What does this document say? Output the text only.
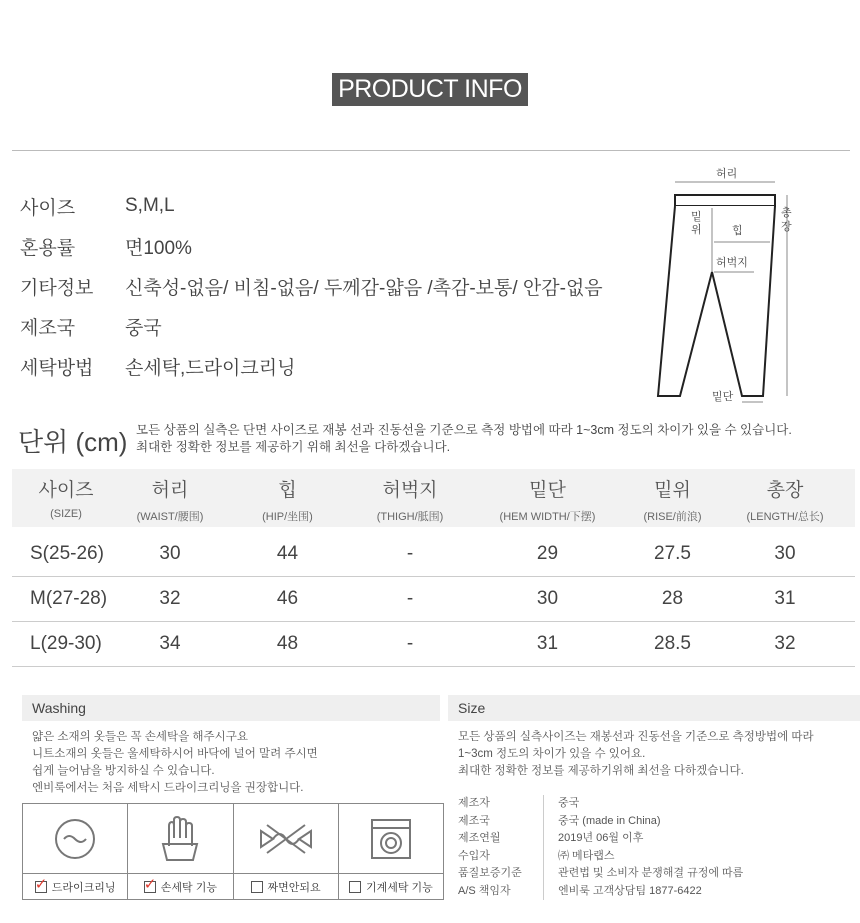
PRODUCT INFO
사이즈	S,M,L
혼용률	면100%
기타정보	신축성-없음/ 비침-없음/ 두께감-얇음 /촉감-보통/ 안감-없음
제조국	중국
세탁방법	손세탁,드라이크리닝
허리
밑
위	힙
허벅지
총
장
밑단
단위 (cm) 모든 상품의 실측은 단면 사이즈로 재봉 선과 진동선을 기준으로 측정 방법에 따라 1~3cm 정도의 차이가 있을 수 있습니다.
최대한 정확한 정보를 제공하기 위해 최선을 다하겠습니다.
사이즈
(SIZE)
허리
(WAIST/腰围)
힙
(HIP/坐围)
허벅지
(THIGH/胝围)
밑단
(HEM WIDTH/下摆)
밑위
(RISE/前浪)
총장
(LENGTH/总长)
S(25-26)	30	44	-	29	27.5	30
M(27-28)	32	46	-	30	28	31
L(29-30)	34	48	-	31	28.5	32
Washing	Size
얇은 소재의 옷들은 꼭 손세탁을 해주시구요
니트소재의 옷들은 울세탁하시어 바닥에 널어 말려 주시면
쉽게 늘어남을 방지하실 수 있습니다.
엔비룩에서는 처음 세탁시 드라이크리닝을 권장합니다.
모든 상품의 실측사이즈는 재봉선과 진동선을 기준으로 측정방법에 따라
1~3cm 정도의 차이가 있을 수 있어요.
최대한 정확한 정보를 제공하기위해 최선을 다하겠습니다.
✓
드라이크리닝
✓	손세탁 기능	짜면안되요	기계세탁 기능
제조자	중국
제조국	중국 (made in China)
제조연월	2019년 06월 이후
수입자	㈜ 메타랩스
품질보증기준	관련법 및 소비자 분쟁해결 규정에 따름
A/S 책임자	엔비룩 고객상담팀 1877-6422
